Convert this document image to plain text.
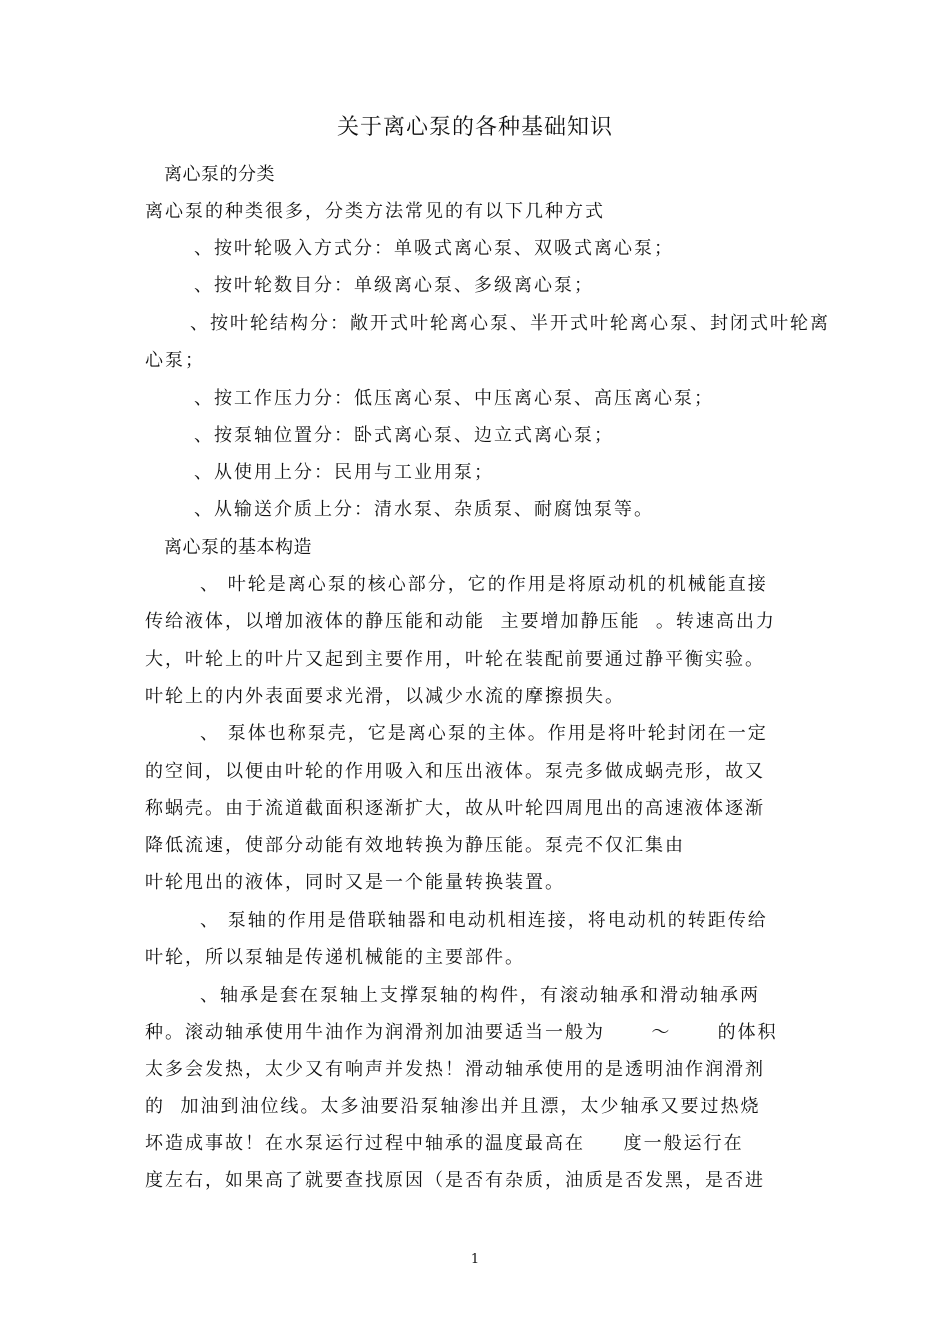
关于离心泵的各种基础知识
离心泵的分类
离心泵的种类很多，分类方法常见的有以下几种方式
、按叶轮吸入方式分：单吸式离心泵、双吸式离心泵；
、按叶轮数目分：单级离心泵、多级离心泵；
、按叶轮结构分：敞开式叶轮离心泵、半开式叶轮离心泵、封闭式叶轮离
心泵；
、按工作压力分：低压离心泵、中压离心泵、高压离心泵；
、按泵轴位置分：卧式离心泵、边立式离心泵；
、从使用上分：民用与工业用泵；
、从输送介质上分：清水泵、杂质泵、耐腐蚀泵等。
离心泵的基本构造
、 叶轮是离心泵的核心部分，它的作用是将原动机的机械能直接
传给液体，以增加液体的静压能和动能  主要增加静压能  。转速高出力
大，叶轮上的叶片又起到主要作用，叶轮在装配前要通过静平衡实验。
叶轮上的内外表面要求光滑，以减少水流的摩擦损失。
、 泵体也称泵壳，它是离心泵的主体。作用是将叶轮封闭在一定
的空间，以便由叶轮的作用吸入和压出液体。泵壳多做成蜗壳形，故又
称蜗壳。由于流道截面积逐渐扩大，故从叶轮四周甩出的高速液体逐渐
降低流速，使部分动能有效地转换为静压能。泵壳不仅汇集由
叶轮甩出的液体，同时又是一个能量转换装置。
、 泵轴的作用是借联轴器和电动机相连接，将电动机的转距传给
叶轮，所以泵轴是传递机械能的主要部件。
、轴承是套在泵轴上支撑泵轴的构件，有滚动轴承和滑动轴承两
种。滚动轴承使用牛油作为润滑剂加油要适当一般为      ～      的体积
太多会发热，太少又有响声并发热！滑动轴承使用的是透明油作润滑剂
的  加油到油位线。太多油要沿泵轴渗出并且漂，太少轴承又要过热烧
坏造成事故！在水泵运行过程中轴承的温度最高在     度一般运行在
度左右，如果高了就要查找原因（是否有杂质，油质是否发黑，是否进
1
